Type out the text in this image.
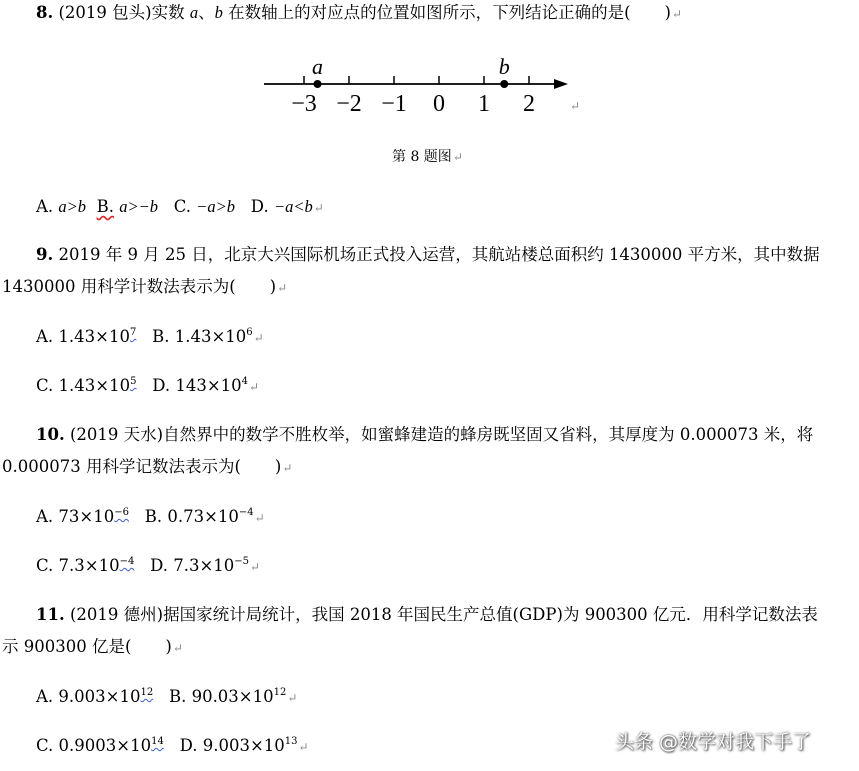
8. (2019 包头)实数 a、b 在数轴上的对应点的位置如图所示，下列结论正确的是( )↵
−3 −2 −1 0 1 2
a	b
↵
第 8 题图↵
A. a>b B. a>−b C. −a>b D. −a<b↵
9. 2019 年 9 月 25 日，北京大兴国际机场正式投入运营，其航站楼总面积约 1430000 平方米，其中数据
1430000 用科学计数法表示为( )↵
A. $1.43\times 10^7$ B. $1.43\times 10^6↵$
C. $1.43\times 10^5$ D. $143\times 10^4↵$
10. (2019 天水)自然界中的数学不胜枚举，如蜜蜂建造的蜂房既坚固又省料，其厚度为 0.000073 米，将
0.000073 用科学记数法表示为( )↵
A. $73\times 10^{-6}$ B. $0.73\times 10^{-4}↵$
C. $7.3\times 10^{-4}$ D. $7.3\times 10^{-5}↵$
11. (2019 德州)据国家统计局统计，我国 2018 年国民生产总值(GDP)为 900300 亿元．用科学记数法表
示 900300 亿是( )↵
A. $9.003\times 10^{12}$ B. $90.03\times 10^{12}↵$
C. $0.9003\times 10^{14}$ D. $9.003\times 10^{13}↵$	头条 @数学对我下手了
